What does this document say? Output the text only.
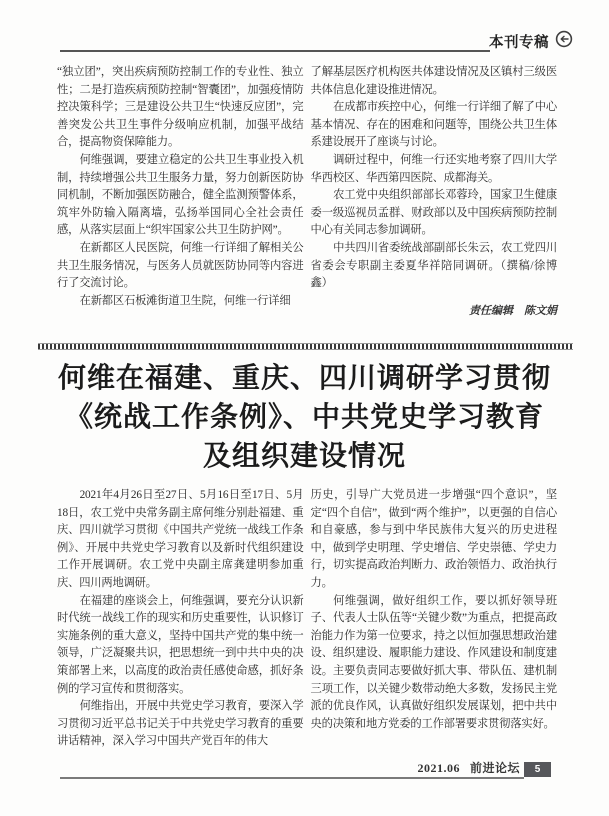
本刊专稿

“独立团”，突出疾病预防控制工作的专业性、独立性；二是打造疾病预防控制“智囊团”，加强疫情防控决策科学；三是建设公共卫生“快速反应团”，完善突发公共卫生事件分级响应机制，加强平战结合，提高物资保障能力。

何维强调，要建立稳定的公共卫生事业投入机制，持续增强公共卫生服务力量，努力创新医防协同机制，不断加强医防融合，健全监测预警体系，筑牢外防输入隔离墙，弘扬举国同心全社会责任感，从落实层面上“织牢国家公共卫生防护网”。

在新都区人民医院，何维一行详细了解相关公共卫生服务情况，与医务人员就医防协同等内容进行了交流讨论。

在新都区石板滩街道卫生院，何维一行详细

了解基层医疗机构医共体建设情况及区镇村三级医共体信息化建设推进情况。

在成都市疾控中心，何维一行详细了解了中心基本情况、存在的困难和问题等，围绕公共卫生体系建设展开了座谈与讨论。

调研过程中，何维一行还实地考察了四川大学华西校区、华西第四医院、成都海关。

农工党中央组织部部长邓蓉玲，国家卫生健康委一级巡视员孟群、财政部以及中国疾病预防控制中心有关同志参加调研。

中共四川省委统战部副部长朱云，农工党四川省委会专职副主委夏华祥陪同调研。（撰稿/徐博鑫）

责任编辑　陈文娟

何维在福建、重庆、四川调研学习贯彻
《统战工作条例》、中共党史学习教育
及组织建设情况

2021年4月26日至27日、5月16日至17日、5月18日，农工党中央常务副主席何维分别赴福建、重庆、四川就学习贯彻《中国共产党统一战线工作条例》、开展中共党史学习教育以及新时代组织建设工作开展调研。农工党中央副主席龚建明参加重庆、四川两地调研。

在福建的座谈会上，何维强调，要充分认识新时代统一战线工作的现实和历史重要性，认识修订实施条例的重大意义，坚持中国共产党的集中统一领导，广泛凝聚共识，把思想统一到中共中央的决策部署上来，以高度的政治责任感使命感，抓好条例的学习宣传和贯彻落实。

何维指出，开展中共党史学习教育，要深入学习贯彻习近平总书记关于中共党史学习教育的重要讲话精神，深入学习中国共产党百年的伟大

历史，引导广大党员进一步增强“四个意识”，坚定“四个自信”，做到“两个维护”，以更强的自信心和自豪感，参与到中华民族伟大复兴的历史进程中，做到学史明理、学史增信、学史崇德、学史力行，切实提高政治判断力、政治领悟力、政治执行力。

何维强调，做好组织工作，要以抓好领导班子、代表人士队伍等“关键少数”为重点，把提高政治能力作为第一位要求，持之以恒加强思想政治建设、组织建设、履职能力建设、作风建设和制度建设。主要负责同志要做好抓大事、带队伍、建机制三项工作，以关键少数带动绝大多数，发扬民主党派的优良作风，认真做好组织发展谋划，把中共中央的决策和地方党委的工作部署要求贯彻落实好。

2021.06 前进论坛	5
